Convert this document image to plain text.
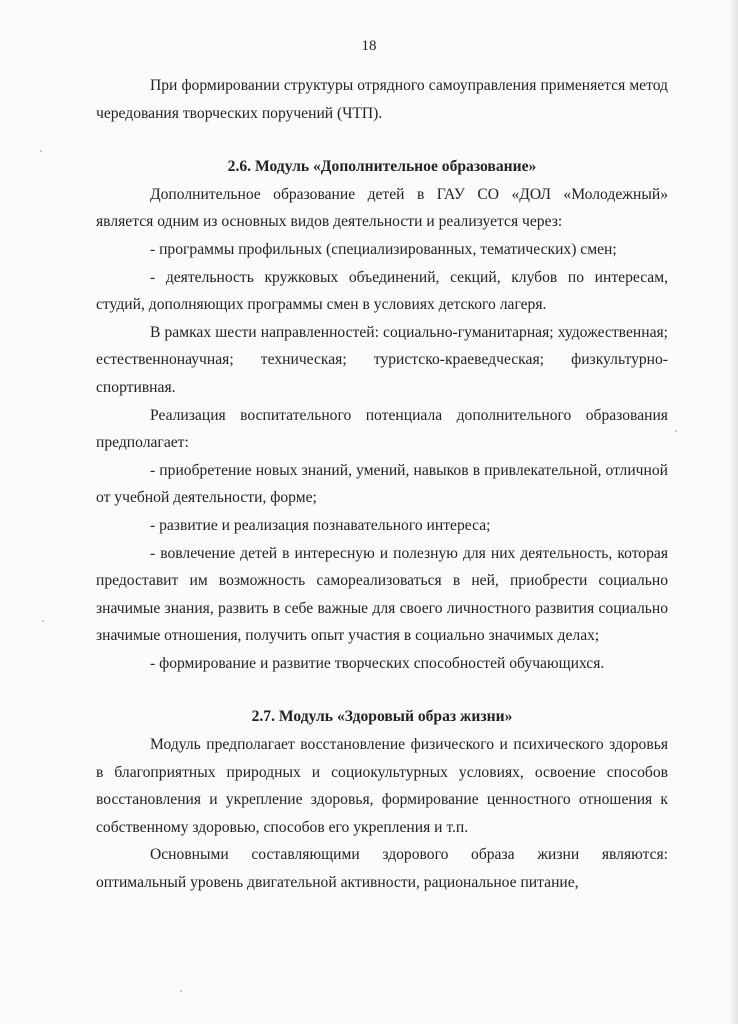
18

При формировании структуры отрядного самоуправления применяется метод чередования творческих поручений (ЧТП).

2.6. Модуль «Дополнительное образование»

Дополнительное образование детей в ГАУ СО «ДОЛ «Молодежный» является одним из основных видов деятельности и реализуется через:

- программы профильных (специализированных, тематических) смен;

- деятельность кружковых объединений, секций, клубов по интересам, студий, дополняющих программы смен в условиях детского лагеря.

В рамках шести направленностей: социально-гуманитарная; художественная; естественнонаучная; техническая; туристско-краеведческая; физкультурно-спортивная.

Реализация воспитательного потенциала дополнительного образования предполагает:

- приобретение новых знаний, умений, навыков в привлекательной, отличной от учебной деятельности, форме;

- развитие и реализация познавательного интереса;

- вовлечение детей в интересную и полезную для них деятельность, которая предоставит им возможность самореализоваться в ней, приобрести социально значимые знания, развить в себе важные для своего личностного развития социально значимые отношения, получить опыт участия в социально значимых делах;

- формирование и развитие творческих способностей обучающихся.

2.7. Модуль «Здоровый образ жизни»

Модуль предполагает восстановление физического и психического здоровья в благоприятных природных и социокультурных условиях, освоение способов восстановления и укрепление здоровья, формирование ценностного отношения к собственному здоровью, способов его укрепления и т.п.

Основными составляющими здорового образа жизни являются: оптимальный уровень двигательной активности, рациональное питание,
